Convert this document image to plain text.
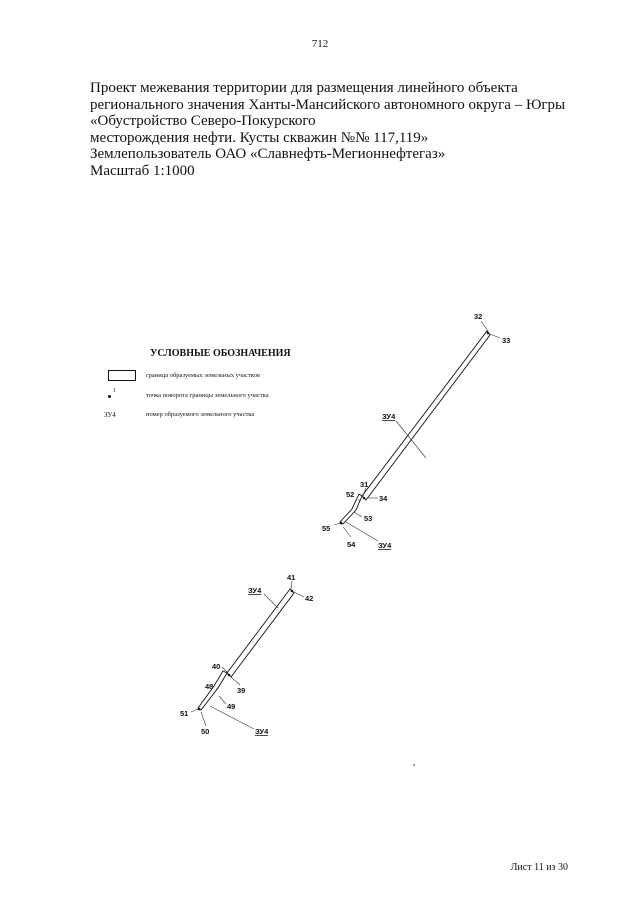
712
Проект межевания территории для размещения линейного объекта
регионального значения Ханты-Мансийского автономного округа – Югры
«Обустройство Северо-Покурского
месторождения нефти. Кусты скважин №№ 117,119»
Землепользователь ОАО «Славнефть-Мегионнефтегаз»
Масштаб 1:1000
УСЛОВНЫЕ ОБОЗНАЧЕНИЯ
граница образуемых земельных участков
1
точка поворота границы земельного участка
ЗУ4	номер образуемого земельного участка
32
33
31
52	34
53
55
54
41
42
40
39
48
49
51
50
ЗУ4
ЗУ4
ЗУ4
ЗУ4
Лист 11 из 30
